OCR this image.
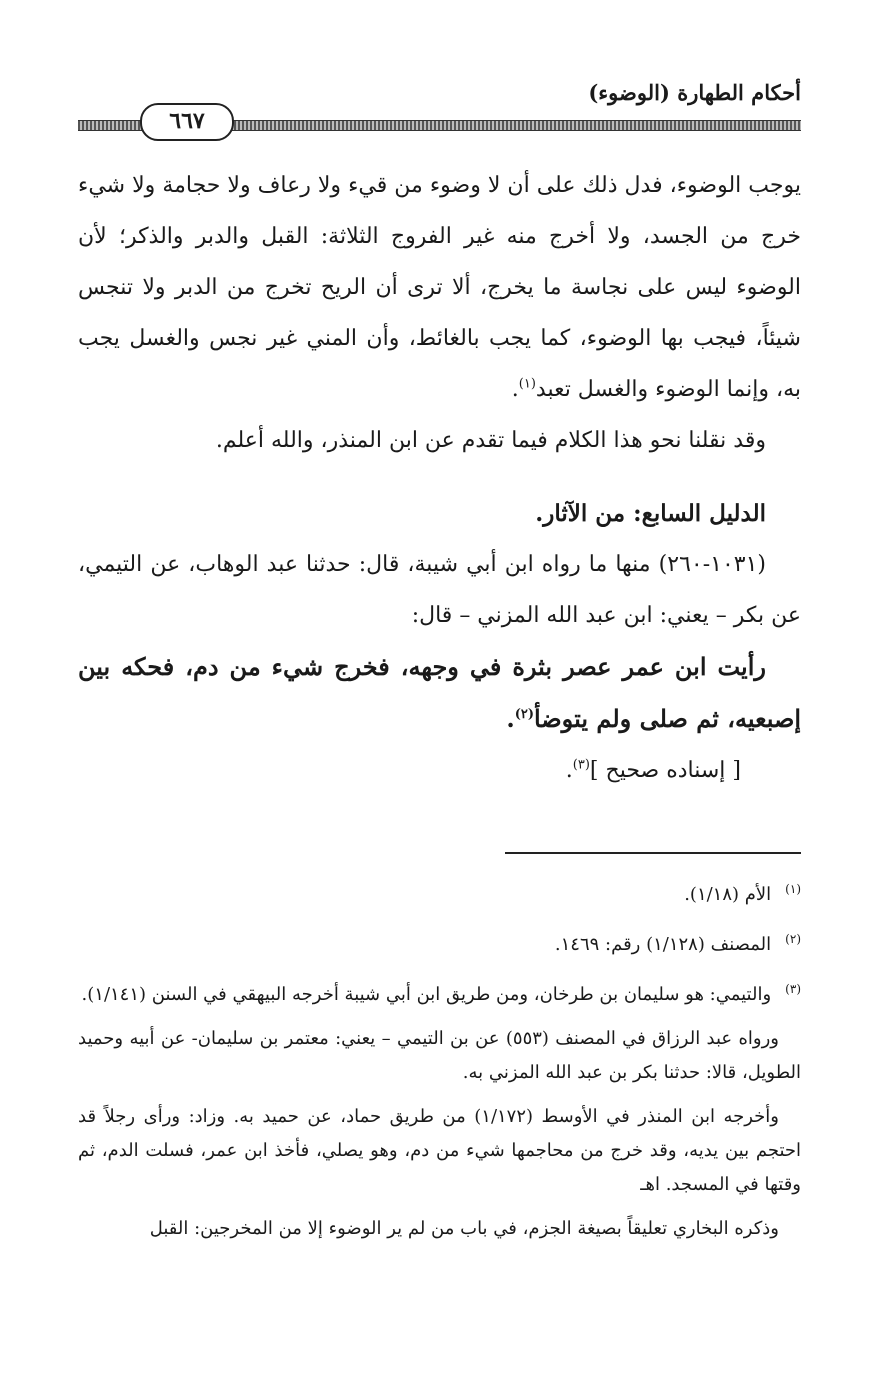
أحكام الطهارة (الوضوء)
٦٦٧

يوجب الوضوء، فدل ذلك على أن لا وضوء من قيء ولا رعاف ولا حجامة ولا شيء خرج من الجسد، ولا أخرج منه غير الفروج الثلاثة: القبل والدبر والذكر؛ لأن الوضوء ليس على نجاسة ما يخرج، ألا ترى أن الريح تخرج من الدبر ولا تنجس شيئاً، فيجب بها الوضوء، كما يجب بالغائط، وأن المني غير نجس والغسل يجب به، وإنما الوضوء والغسل تعبد$^{(١)}$.

وقد نقلنا نحو هذا الكلام فيما تقدم عن ابن المنذر، والله أعلم.

الدليل السابع: من الآثار.

(١٠٣١-٢٦٠) منها ما رواه ابن أبي شيبة، قال: حدثنا عبد الوهاب، عن التيمي، عن بكر – يعني: ابن عبد الله المزني – قال:

رأيت ابن عمر عصر بثرة في وجهه، فخرج شيء من دم، فحكه بين إصبعيه، ثم صلى ولم يتوضأ$^{(٢)}$.

[ إسناده صحيح ]$^{(٣)}$.

$^{(١)}$الأم (١/١٨).

$^{(٢)}$المصنف (١/١٢٨) رقم: ١٤٦٩.

$^{(٣)}$والتيمي: هو سليمان بن طرخان، ومن طريق ابن أبي شيبة أخرجه البيهقي في السنن (١/١٤١).

ورواه عبد الرزاق في المصنف (٥٥٣) عن بن التيمي – يعني: معتمر بن سليمان- عن أبيه وحميد الطويل، قالا: حدثنا بكر بن عبد الله المزني به.

وأخرجه ابن المنذر في الأوسط (١/١٧٢) من طريق حماد، عن حميد به. وزاد: ورأى رجلاً قد احتجم بين يديه، وقد خرج من محاجمها شيء من دم، وهو يصلي، فأخذ ابن عمر، فسلت الدم، ثم وقتها في المسجد. اهـ

وذكره البخاري تعليقاً بصيغة الجزم، في باب من لم ير الوضوء إلا من المخرجين: القبل
